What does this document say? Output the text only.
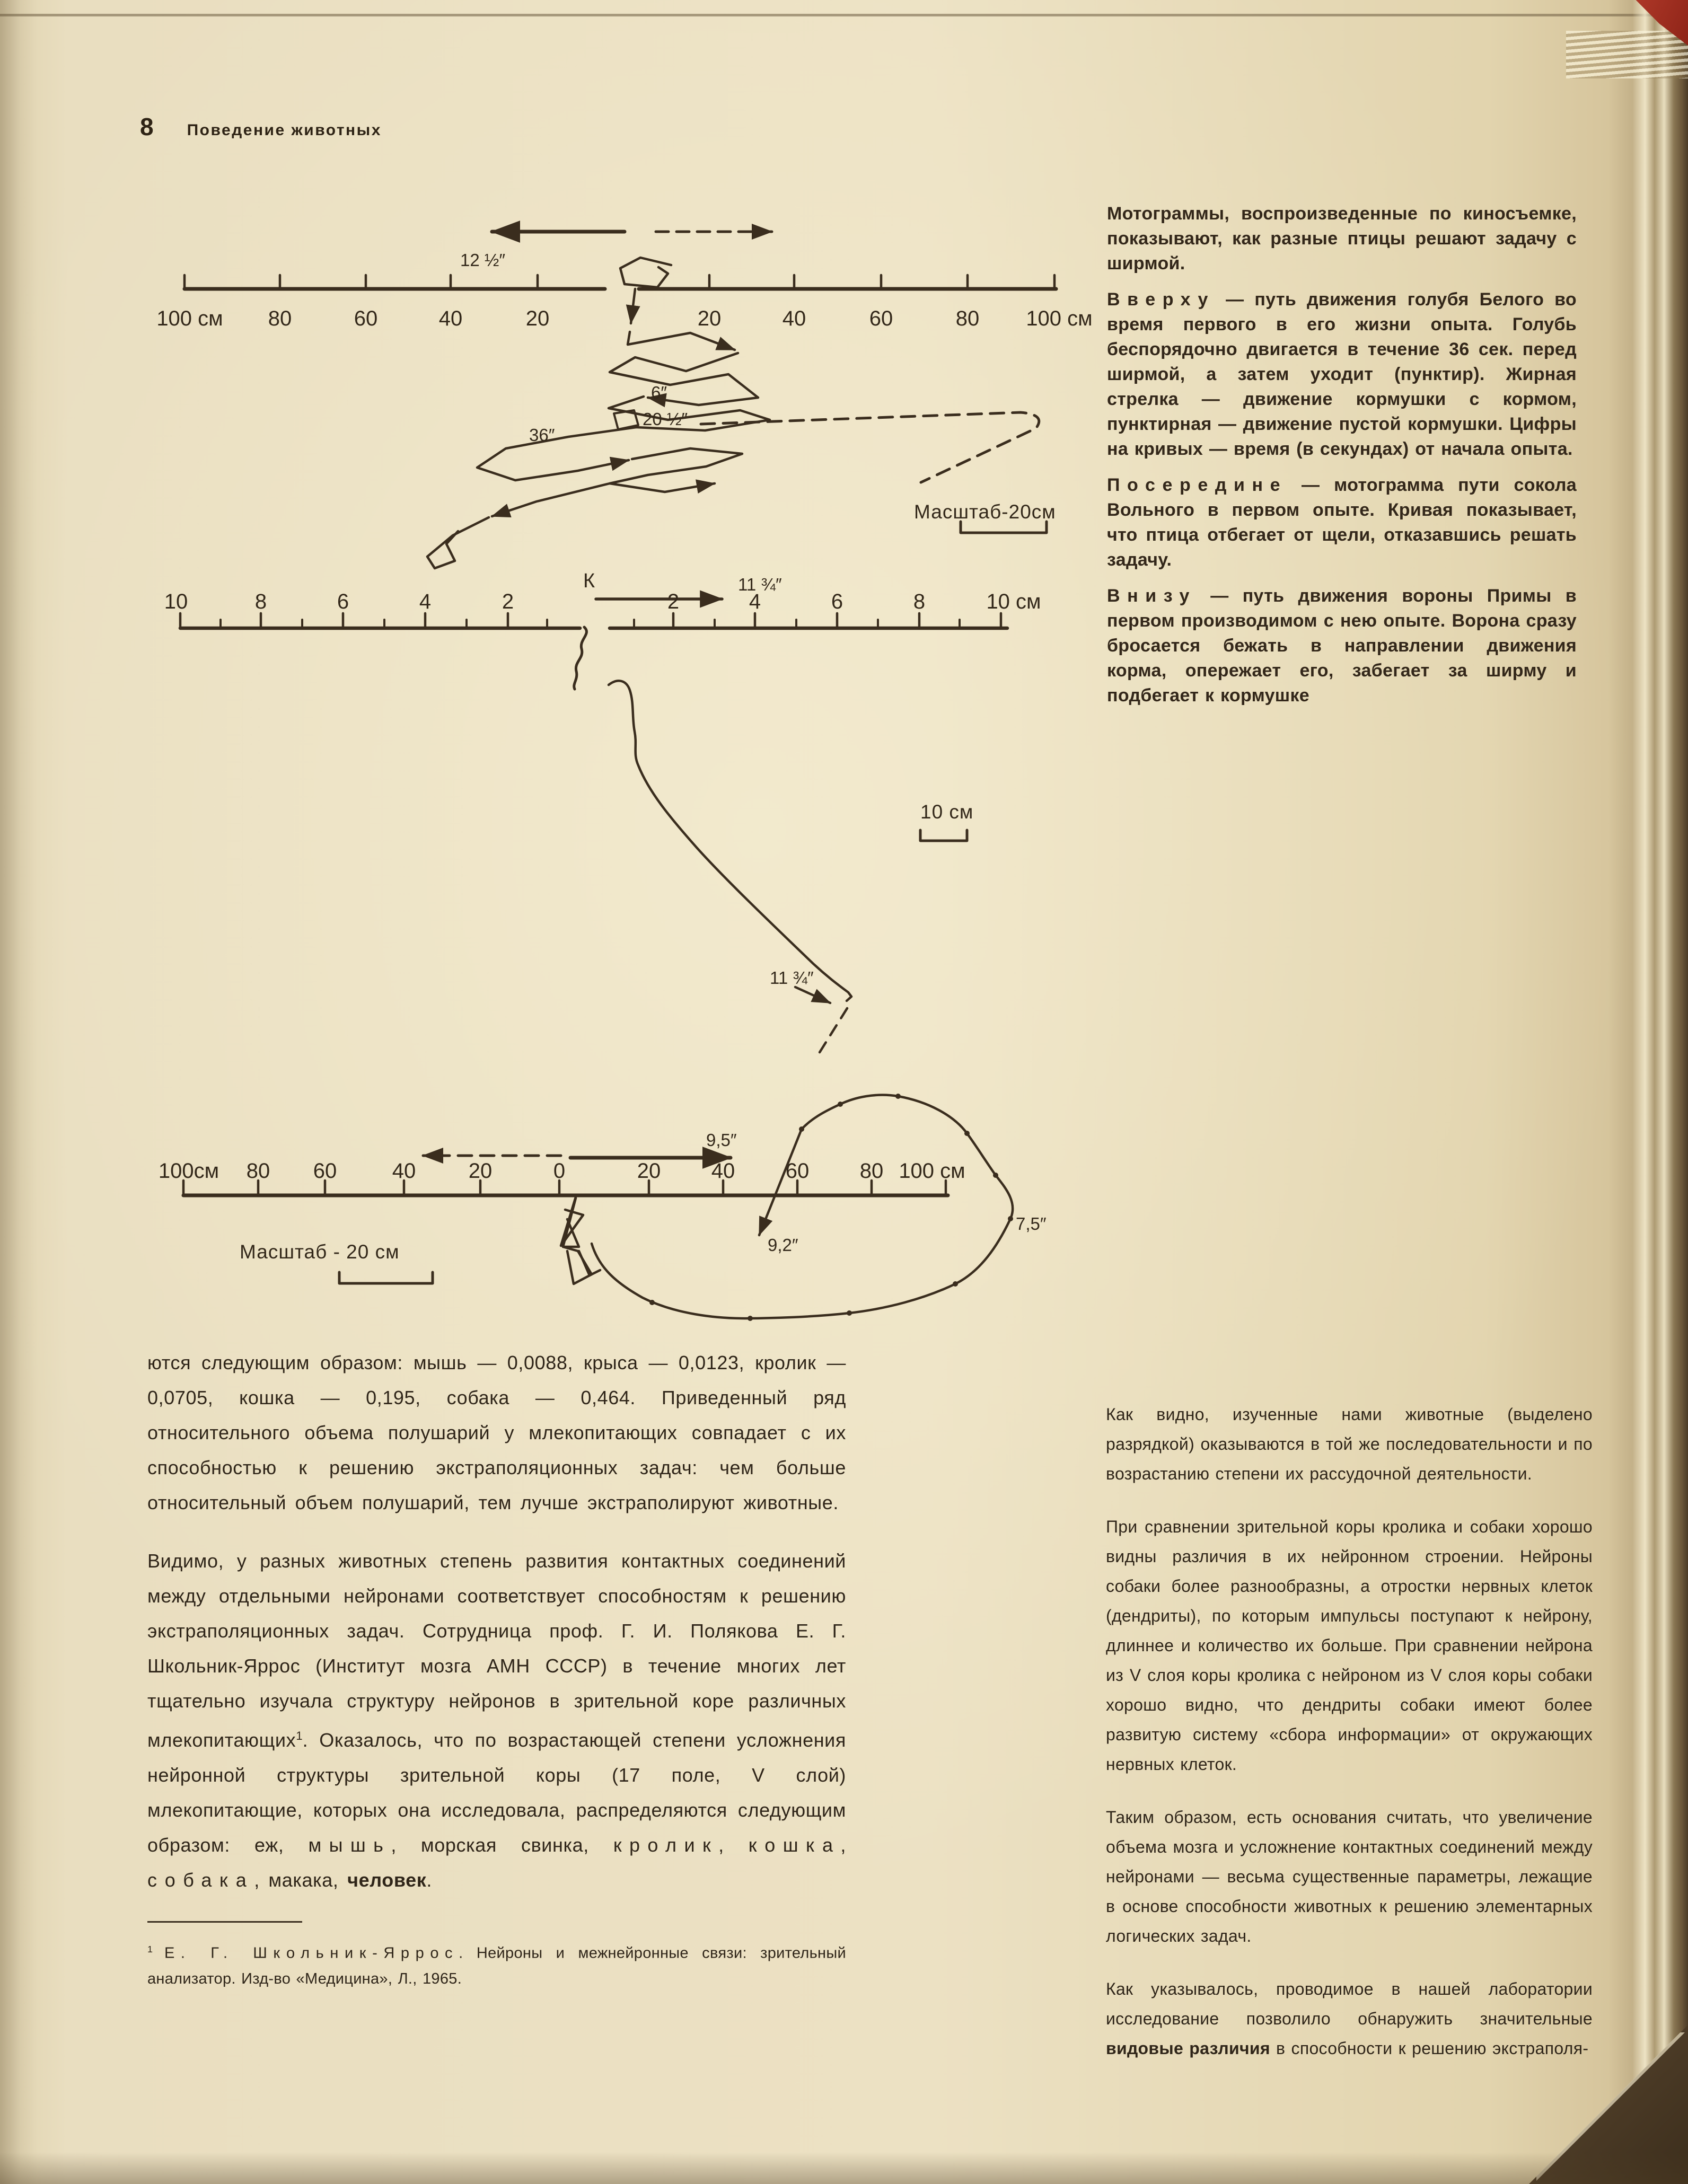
8 Поведение животных
12 ½″
100 см 80	60	40	20	20	40	60	80 100 см
6″
20 ½″
36″
Масштаб-20см
К	11 ¾″
10	8	6	4	2	2	4	6	8	10 см
11 ¾″
10 см
9,5″
100см 80 60	40 20	0	20 40 60 80 100 см
9,2″
7,5″
Масштаб - 20 см

Мотограммы, воспроизведенные по киносъемке, показывают, как разные птицы решают задачу с ширмой.

Вверху — путь движения голубя Белого во время первого в его жизни опыта. Голубь беспорядочно двигается в течение 36 сек. перед ширмой, а затем уходит (пунктир). Жирная стрелка — движение кормушки с кормом, пунктирная — движение пустой кормушки. Цифры на кривых — время (в секундах) от начала опыта.

Посередине — мотограмма пути сокола Вольного в первом опыте. Кривая показывает, что птица отбегает от щели, отказавшись решать задачу.

Внизу — путь движения вороны Примы в первом производимом с нею опыте. Ворона сразу бросается бежать в направлении движения корма, опережает его, забегает за ширму и подбегает к кормушке

ются следующим образом: мышь — 0,0088, крыса — 0,0123, кролик — 0,0705, кошка — 0,195, собака — 0,464. Приведенный ряд относительного объема полушарий у млекопитающих совпадает с их способностью к решению экстраполяционных задач: чем больше относительный объем полушарий, тем лучше экстраполируют животные.

Видимо, у разных животных степень развития контактных соединений между отдельными нейронами соответствует способностям к решению экстраполяционных задач. Сотрудница проф. Г. И. Полякова Е. Г. Школьник-Яррос (Институт мозга АМН СССР) в течение многих лет тщательно изучала структуру нейронов в зрительной коре различных млекопитающих$^1$. Оказалось, что по возрастающей степени усложнения нейронной структуры зрительной коры (17 поле, V слой) млекопитающие, которых она исследовала, распределяются следующим образом: еж, мышь, морская свинка, кролик, кошка, собака, макака, человек.

$^1$ Е. Г. Школьник-Яррос. Нейроны и межнейронные связи: зрительный анализатор. Изд-во «Медицина», Л., 1965.

Как видно, изученные нами животные (выделено разрядкой) оказываются в той же последовательности и по возрастанию степени их рассудочной деятельности.

При сравнении зрительной коры кролика и собаки хорошо видны различия в их нейронном строении. Нейроны собаки более разнообразны, а отростки нервных клеток (дендриты), по которым импульсы поступают к нейрону, длиннее и количество их больше. При сравнении нейрона из V слоя коры кролика с нейроном из V слоя коры собаки хорошо видно, что дендриты собаки имеют более развитую систему «сбора информации» от окружающих нервных клеток.

Таким образом, есть основания считать, что увеличение объема мозга и усложнение контактных соединений между нейронами — весьма существенные параметры, лежащие в основе способности животных к решению элементарных логических задач.

Как указывалось, проводимое в нашей лаборатории исследование позволило обнаружить значительные видовые различия в способности к решению экстраполя-
